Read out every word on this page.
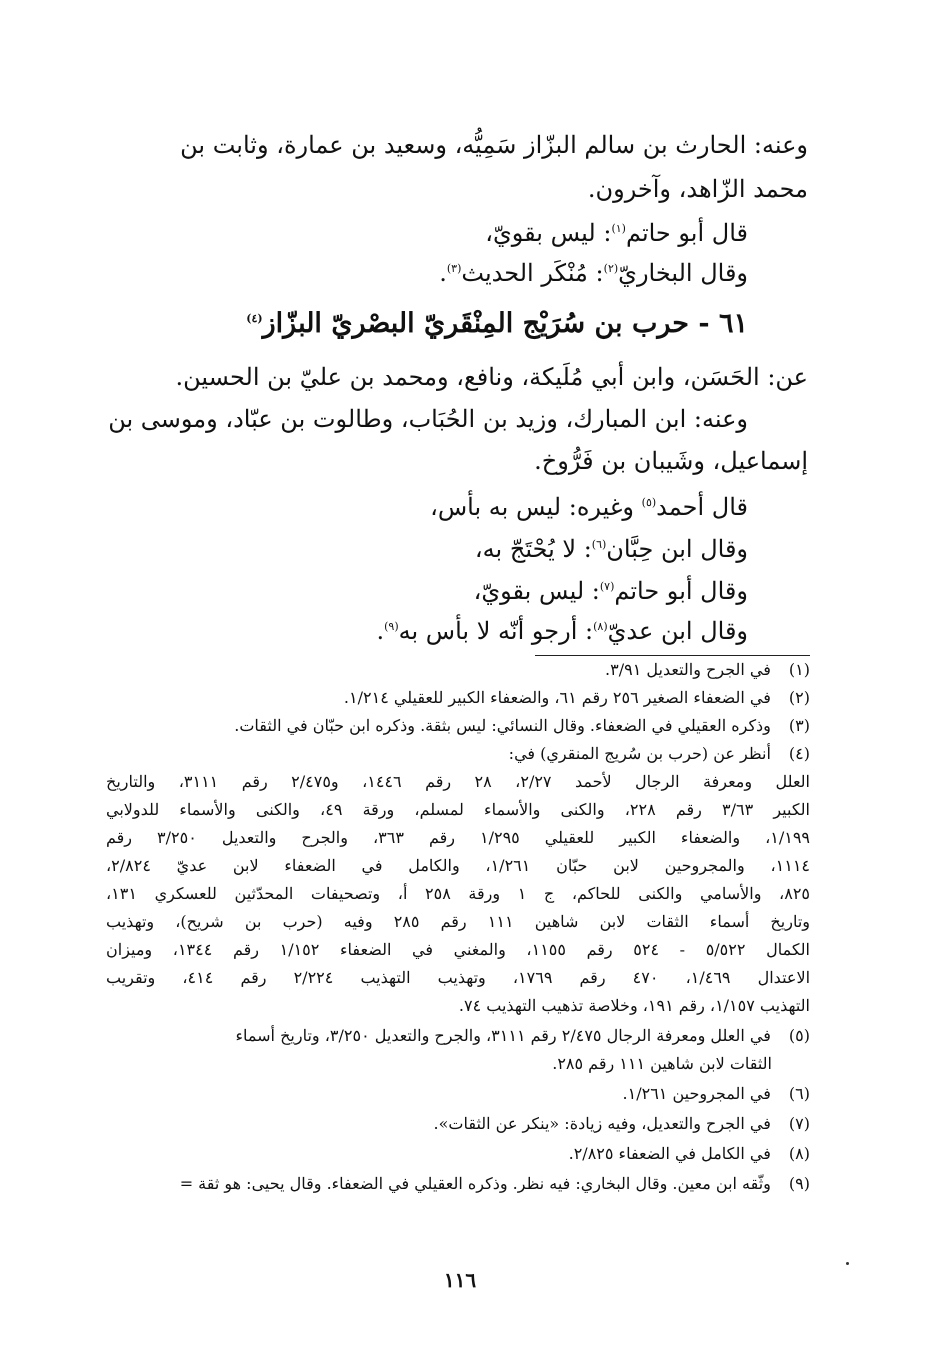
وعنه: الحارث بن سالم البزّاز سَمِيُّه، وسعيد بن عمارة، وثابت بن
محمد الزّاهد، وآخرون.
قال أبو حاتم$^{(١)}$: ليس بقويّ،
وقال البخاريّ$^{(٢)}$: مُنْكَر الحديث$^{(٣)}$.
٦١ - حرب بن سُرَيْج المِنْقَريّ البصْريّ البزّاز$^{(٤)}$
عن: الحَسَن، وابن أبي مُلَيكة، ونافع، ومحمد بن عليّ بن الحسين.
وعنه: ابن المبارك، وزيد بن الحُبَاب، وطالوت بن عبّاد، وموسى بن
إسماعيل، وشَيبان بن فَرُّوخ.
قال أحمد$^{(٥)}$ وغيره: ليس به بأس،
وقال ابن حِبَّان$^{(٦)}$: لا يُحْتَجّ به،
وقال أبو حاتم$^{(٧)}$: ليس بقويّ،
وقال ابن عديّ$^{(٨)}$: أرجو أنّه لا بأس به$^{(٩)}$.
(١) في الجرح والتعديل ٣/٩١.
(٢) في الضعفاء الصغير ٢٥٦ رقم ٦١، والضعفاء الكبير للعقيلي ١/٢١٤.
(٣) وذكره العقيلي في الضعفاء. وقال النسائي: ليس بثقة. وذكره ابن حبّان في الثقات.
(٤) أنظر عن (حرب بن سُريج المنقري) في:
العلل ومعرفة الرجال لأحمد ٢/٢٧، ٢٨ رقم ١٤٤٦، و٢/٤٧٥ رقم ٣١١١، والتاريخ
الكبير ٣/٦٣ رقم ٢٢٨، والكنى والأسماء لمسلم، ورقة ٤٩، والكنى والأسماء للدولابي
١/١٩٩، والضعفاء الكبير للعقيلي ١/٢٩٥ رقم ٣٦٣، والجرح والتعديل ٣/٢٥٠ رقم
١١١٤، والمجروحين لابن حبّان ١/٢٦١، والكامل في الضعفاء لابن عديّ ٢/٨٢٤،
٨٢٥، والأسامي والكنى للحاكم، ج ١ ورقة ٢٥٨ أ، وتصحيفات المحدّثين للعسكري ١٣١،
وتاريخ أسماء الثقات لابن شاهين ١١١ رقم ٢٨٥ وفيه (حرب بن شريح)، وتهذيب
الكمال ٥/٥٢٢ - ٥٢٤ رقم ١١٥٥، والمغني في الضعفاء ١/١٥٢ رقم ١٣٤٤، وميزان
الاعتدال ١/٤٦٩، ٤٧٠ رقم ١٧٦٩، وتهذيب التهذيب ٢/٢٢٤ رقم ٤١٤، وتقريب
التهذيب ١/١٥٧، رقم ١٩١، وخلاصة تذهيب التهذيب ٧٤.
(٥) في العلل ومعرفة الرجال ٢/٤٧٥ رقم ٣١١١، والجرح والتعديل ٣/٢٥٠، وتاريخ أسماء
الثقات لابن شاهين ١١١ رقم ٢٨٥.
(٦) في المجروحين ١/٢٦١.
(٧) في الجرح والتعديل، وفيه زيادة: «ينكر عن الثقات».
(٨) في الكامل في الضعفاء ٢/٨٢٥.
(٩) وثّقه ابن معين. وقال البخاري: فيه نظر. وذكره العقيلي في الضعفاء. وقال يحيى: هو ثقة =
١١٦
